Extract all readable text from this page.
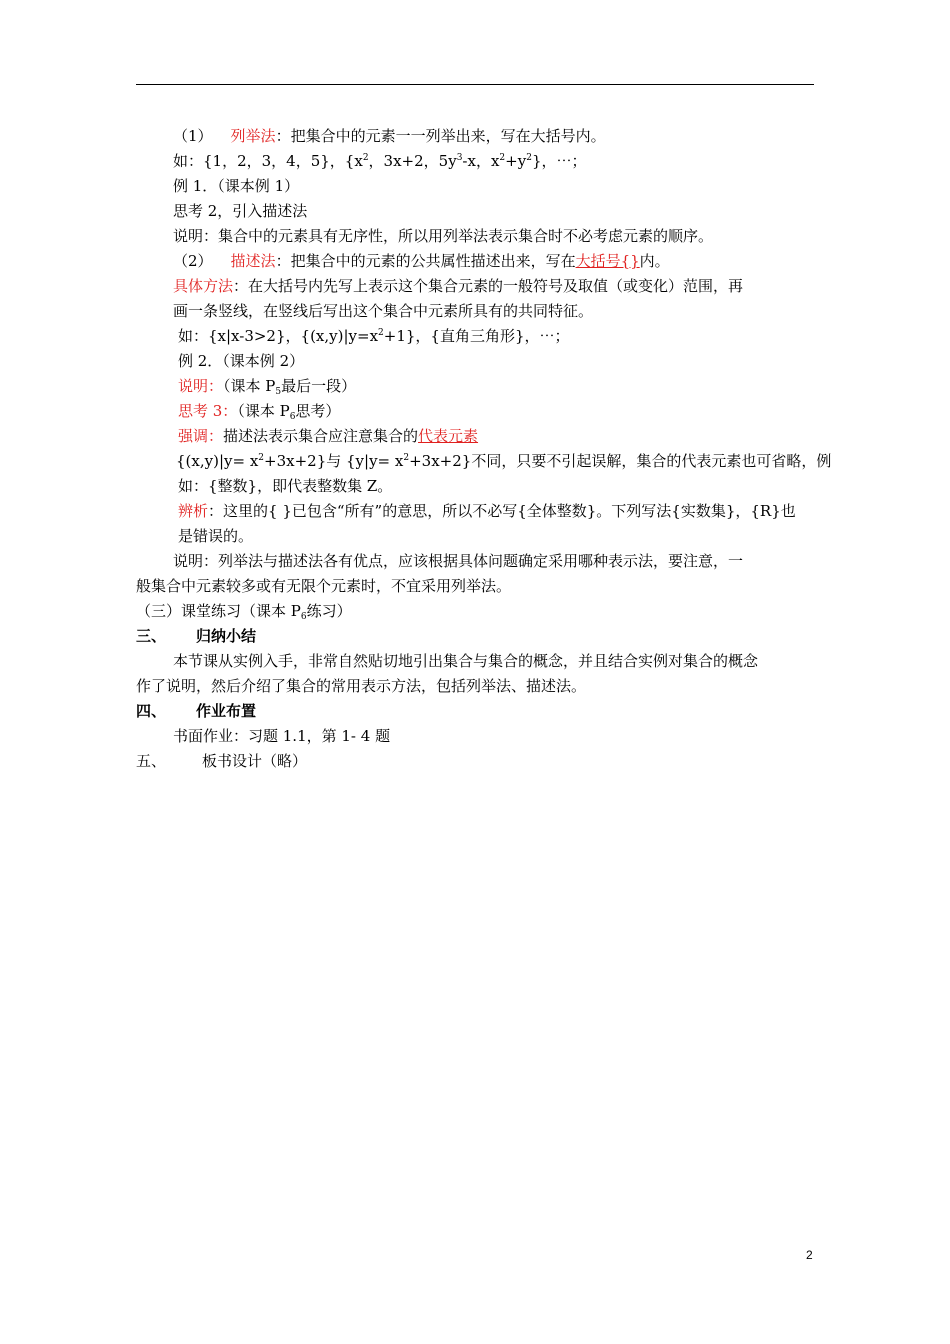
（1） 列举法：把集合中的元素一一列举出来，写在大括号内。
如：{1，2，3，4，5}，{$x^2$，3x+2，$5y^3-x$，$x^2+y^2$}，⋯；
例 1．（课本例 1）
思考 2，引入描述法
说明：集合中的元素具有无序性，所以用列举法表示集合时不必考虑元素的顺序。
（2） 描述法：把集合中的元素的公共属性描述出来，写在大括号{}内。
具体方法：在大括号内先写上表示这个集合元素的一般符号及取值（或变化）范围，再
画一条竖线，在竖线后写出这个集合中元素所具有的共同特征。
如：{x|x-3>2}，$\{(x,y)|y=x^2+1\}$，{直角三角形}，⋯；
例 2．（课本例 2）
说明：（课本 $P_5$最后一段）
思考 3：（课本 $P_6$思考）
强调：描述法表示集合应注意集合的代表元素
$\{(x,y)|y= x^2+3x+2\}$与 $\{y|y= x^2+3x+2\}$不同，只要不引起误解，集合的代表元素也可省略，例
如：{整数}，即代表整数集 Z。
辨析：这里的{ }已包含“所有”的意思，所以不必写{全体整数}。下列写法{实数集}，{R}也
是错误的。
说明：列举法与描述法各有优点，应该根据具体问题确定采用哪种表示法，要注意，一
般集合中元素较多或有无限个元素时，不宜采用列举法。
（三）课堂练习（课本 $P_6$练习）
三、 归纳小结
本节课从实例入手，非常自然贴切地引出集合与集合的概念，并且结合实例对集合的概念
作了说明，然后介绍了集合的常用表示方法，包括列举法、描述法。
四、 作业布置
书面作业：习题 1.1，第 1- 4 题
五、 板书设计（略）
2
